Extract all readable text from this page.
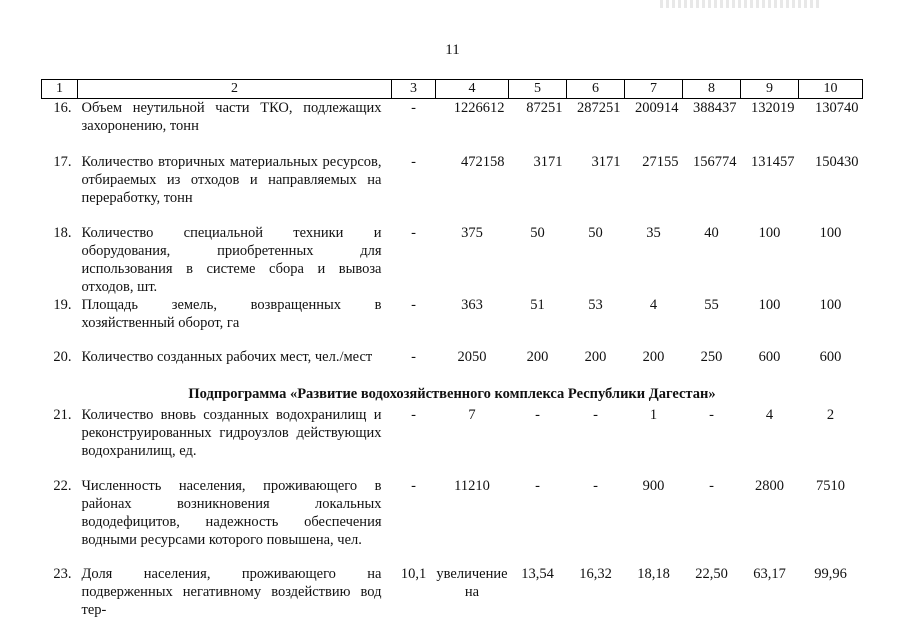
11
1	2	3	4	5	6	7	8	9	10
16.	Объем неутильной части ТКО, подлежащих захоронению, тонн	-	1226612	87251	287251	200914	388437	132019	130740
17.	Количество вторичных материальных ресурсов, отбираемых из отходов и направляемых на переработку, тонн	-	472158	3171	3171	27155	156774	131457	150430
18.	Количество специальной техники и оборудования, приобретенных для использования в системе сбора и вывоза отходов, шт.	-	375	50	50	35	40	100	100
19.	Площадь земель, возвращенных в хозяйственный оборот, га	-	363	51	53	4	55	100	100
20.	Количество созданных рабочих мест, чел./мест	-	2050	200	200	200	250	600	600
Подпрограмма «Развитие водохозяйственного комплекса Республики Дагестан»									
21.	Количество вновь созданных водохранилищ и реконструированных гидроузлов действующих водохранилищ, ед.	-	7	-	-	1	-	4	2
22.	Численность населения, проживающего в районах возникновения локальных вододефицитов, надежность обеспечения водными ресурсами которого повышена, чел.	-	11210	-	-	900	-	2800	7510
23.	Доля населения, проживающего на подверженных негативному воздействию вод тер-	10,1	увеличение на	13,54	16,32	18,18	22,50	63,17	99,96
